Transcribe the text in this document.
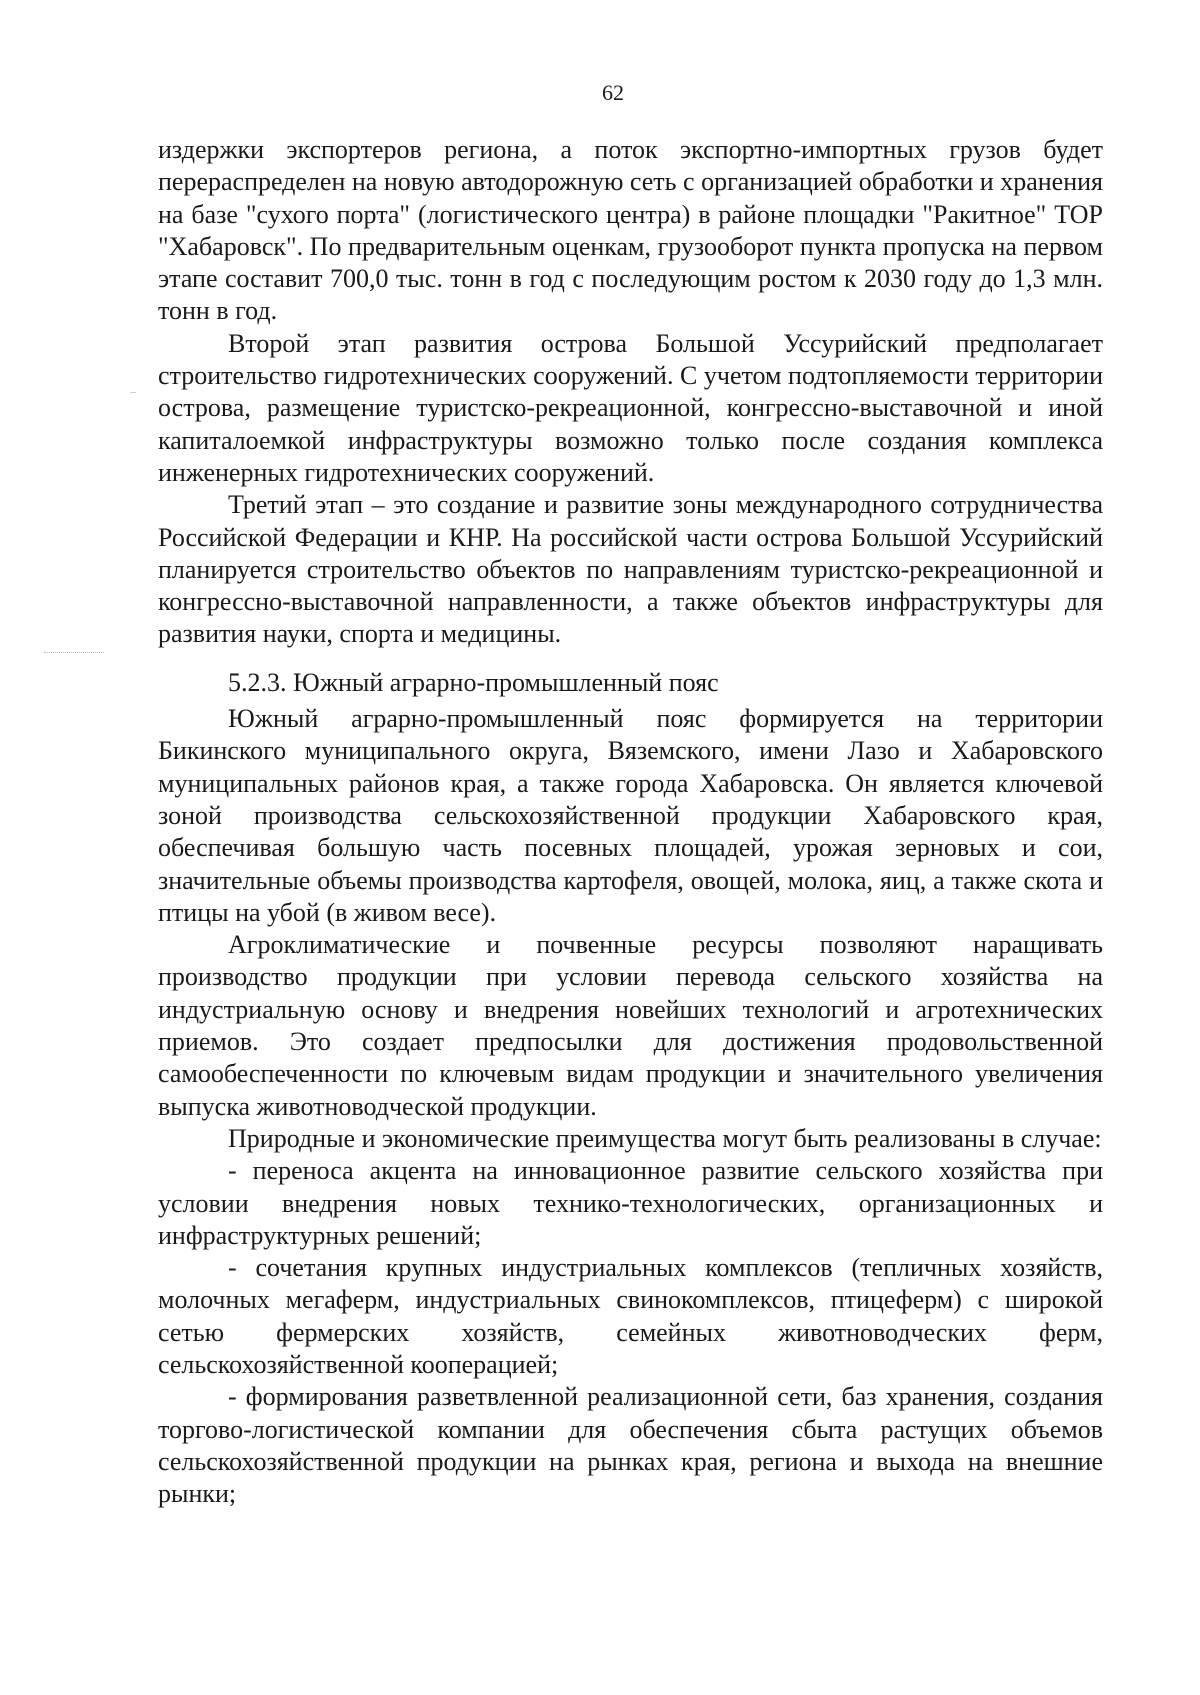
62

издержки экспортеров региона, а поток экспортно-импортных грузов будет перераспределен на новую автодорожную сеть с организацией обработки и хранения на базе "сухого порта" (логистического центра) в районе площадки "Ракитное" ТОР "Хабаровск". По предварительным оценкам, грузооборот пункта пропуска на первом этапе составит 700,0 тыс. тонн в год с последующим ростом к 2030 году до 1,3 млн. тонн в год.

Второй этап развития острова Большой Уссурийский предполагает строительство гидротехнических сооружений. С учетом подтопляемости территории острова, размещение туристско-рекреационной, конгрессно-выставочной и иной капиталоемкой инфраструктуры возможно только после создания комплекса инженерных гидротехнических сооружений.

Третий этап – это создание и развитие зоны международного сотрудничества Российской Федерации и КНР. На российской части острова Большой Уссурийский планируется строительство объектов по направлениям туристско-рекреационной и конгрессно-выставочной направленности, а также объектов инфраструктуры для развития науки, спорта и медицины.

5.2.3. Южный аграрно-промышленный пояс

Южный аграрно-промышленный пояс формируется на территории Бикинского муниципального округа, Вяземского, имени Лазо и Хабаровского муниципальных районов края, а также города Хабаровска. Он является ключевой зоной производства сельскохозяйственной продукции Хабаровского края, обеспечивая большую часть посевных площадей, урожая зерновых и сои, значительные объемы производства картофеля, овощей, молока, яиц, а также скота и птицы на убой (в живом весе).

Агроклиматические и почвенные ресурсы позволяют наращивать производство продукции при условии перевода сельского хозяйства на индустриальную основу и внедрения новейших технологий и агротехнических приемов. Это создает предпосылки для достижения продовольственной самообеспеченности по ключевым видам продукции и значительного увеличения выпуска животноводческой продукции.

Природные и экономические преимущества могут быть реализованы в случае:

- переноса акцента на инновационное развитие сельского хозяйства при условии внедрения новых технико-технологических, организационных и инфраструктурных решений;

- сочетания крупных индустриальных комплексов (тепличных хозяйств, молочных мегаферм, индустриальных свинокомплексов, птицеферм) с широкой сетью фермерских хозяйств, семейных животноводческих ферм, сельскохозяйственной кооперацией;

- формирования разветвленной реализационной сети, баз хранения, создания торгово-логистической компании для обеспечения сбыта растущих объемов сельскохозяйственной продукции на рынках края, региона и выхода на внешние рынки;
